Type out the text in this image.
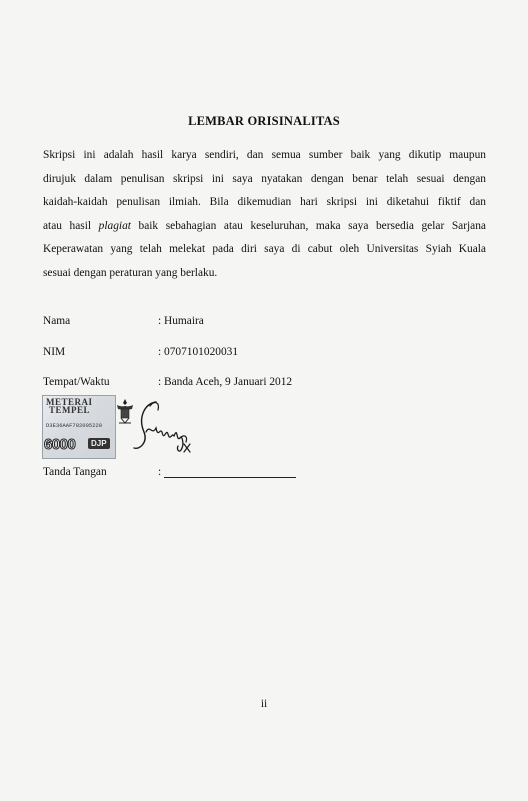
LEMBAR ORISINALITAS
Skripsi ini adalah hasil karya sendiri, dan semua sumber baik yang dikutip maupun
dirujuk dalam penulisan skripsi ini saya nyatakan dengan benar telah sesuai dengan
kaidah-kaidah penulisan ilmiah. Bila dikemudian hari skripsi ini diketahui fiktif dan
atau hasil plagiat baik sebahagian atau keseluruhan, maka saya bersedia gelar Sarjana
Keperawatan yang telah melekat pada diri saya di cabut oleh Universitas Syiah Kuala
sesuai dengan peraturan yang berlaku.
Nama	: Humaira
NIM	: 0707101020031
Tempat/Waktu	: Banda Aceh, 9 Januari 2012
METERAI
TEMPEL
D3E36AAF702005220
6000	DJP
Tanda Tangan	:
ii
